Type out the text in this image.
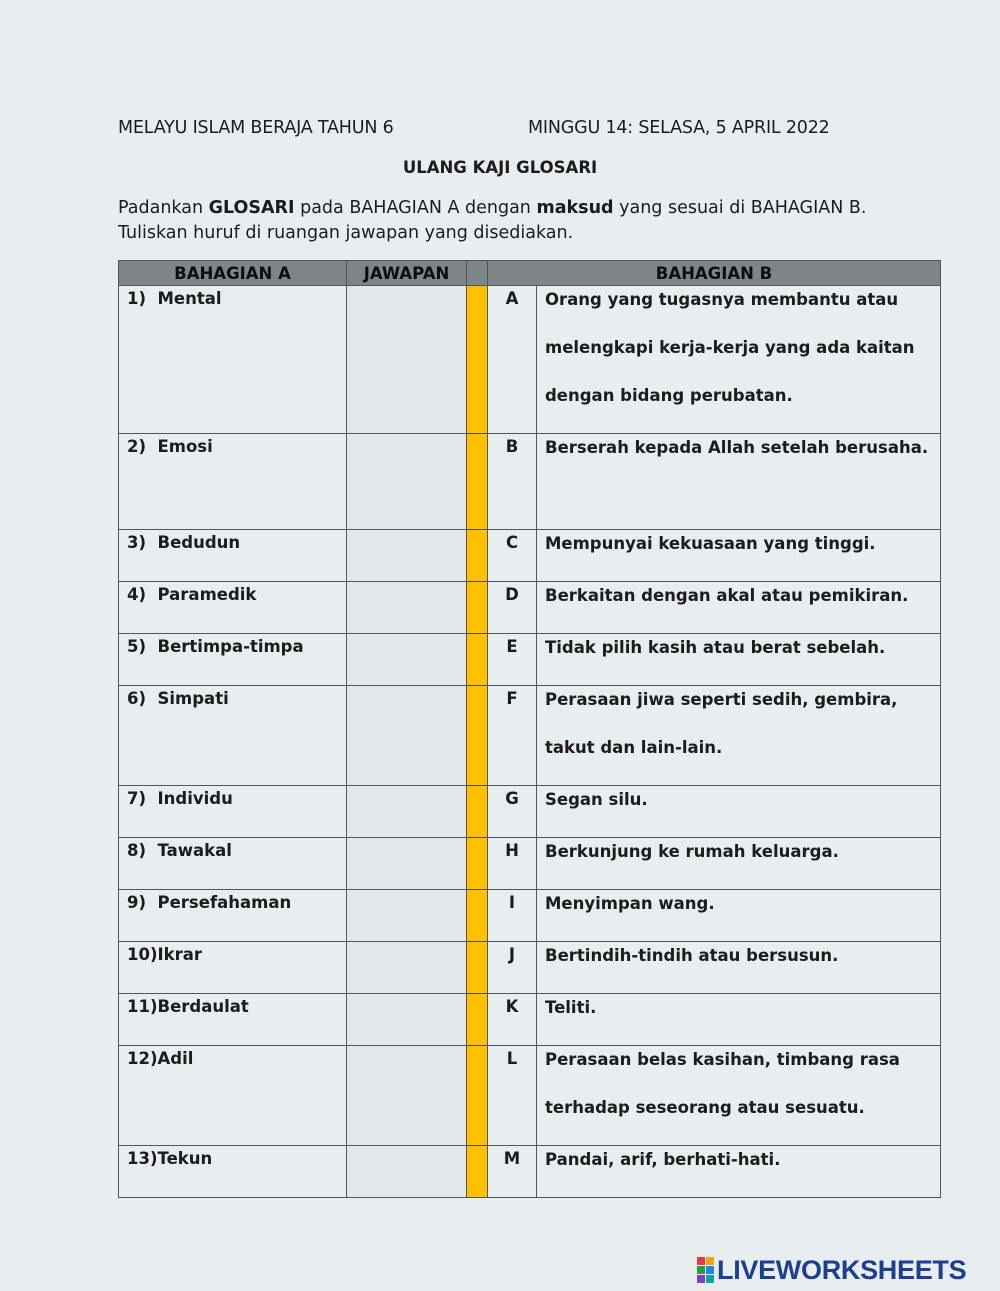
MELAYU ISLAM BERAJA TAHUN 6	MINGGU 14: SELASA, 5 APRIL 2022
ULANG KAJI GLOSARI
Padankan GLOSARI pada BAHAGIAN A dengan maksud yang sesuai di BAHAGIAN B. Tuliskan huruf di ruangan jawapan yang disediakan.
BAHAGIAN A	JAWAPAN		BAHAGIAN B	
1)  Mental			A	Orang yang tugasnya membantu atau melengkapi kerja-kerja yang ada kaitan dengan bidang perubatan.

2)  Emosi			B	Berserah kepada Allah setelah berusaha.

3)  Bedudun			C	Mempunyai kekuasaan yang tinggi.

4)  Paramedik			D	Berkaitan dengan akal atau pemikiran.

5)  Bertimpa-timpa			E	Tidak pilih kasih atau berat sebelah.

6)  Simpati			F	Perasaan jiwa seperti sedih, gembira, takut dan lain-lain.

7)  Individu			G	Segan silu.

8)  Tawakal			H	Berkunjung ke rumah keluarga.

9)  Persefahaman			I	Menyimpan wang.

10)Ikrar			J	Bertindih-tindih atau bersusun.

11)Berdaulat			K	Teliti.

12)Adil			L	Perasaan belas kasihan, timbang rasa terhadap seseorang atau sesuatu.

13)Tekun			M	Pandai, arif, berhati-hati.
LIVEWORKSHEETS
